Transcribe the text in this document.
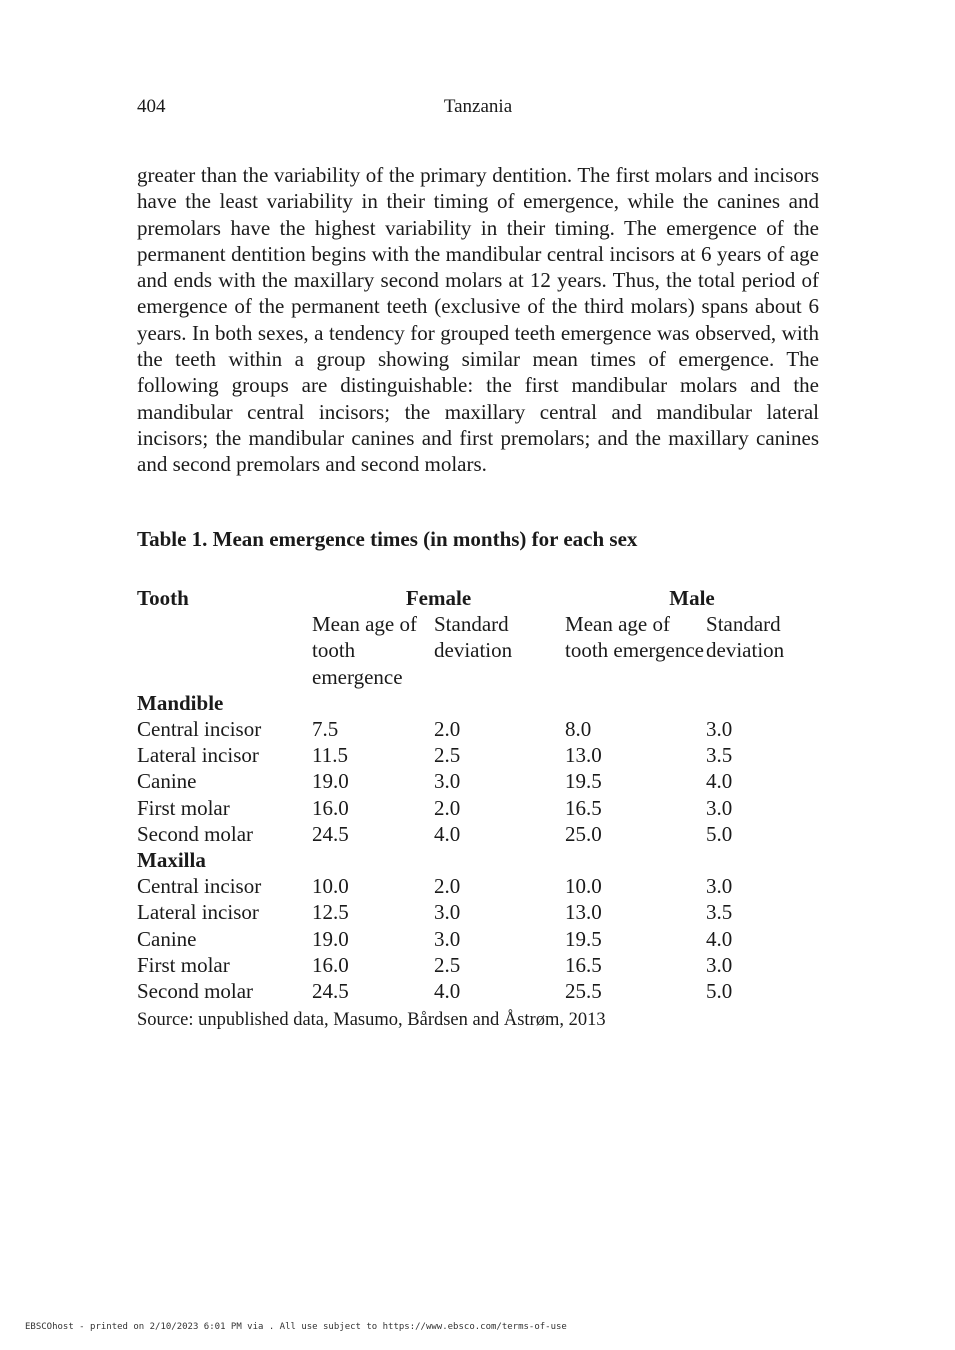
404	Tanzania

greater than the variability of the primary dentition. The first molars and incisors have the least variability in their timing of emergence, while the canines and premolars have the highest variability in their timing. The emergence of the permanent dentition begins with the mandibular central incisors at 6 years of age and ends with the maxillary second molars at 12 years. Thus, the total period of emergence of the permanent teeth (exclusive of the third molars) spans about 6 years. In both sexes, a tendency for grouped teeth emergence was observed, with the teeth within a group showing similar mean times of emergence. The following groups are distinguishable: the first mandibular molars and the mandibular central incisors; the maxillary central and mandibular lateral incisors; the mandibular canines and first premolars; and the maxillary canines and second premolars and second molars.

Table 1. Mean emergence times (in months) for each sex

Tooth	Female		Male	
	Mean age of tooth emergence	Standard deviation	Mean age of tooth emergence	Standard deviation
Mandible				
Central incisor	7.5	2.0	8.0	3.0
Lateral incisor	11.5	2.5	13.0	3.5
Canine	19.0	3.0	19.5	4.0
First molar	16.0	2.0	16.5	3.0
Second molar	24.5	4.0	25.0	5.0
Maxilla				
Central incisor	10.0	2.0	10.0	3.0
Lateral incisor	12.5	3.0	13.0	3.5
Canine	19.0	3.0	19.5	4.0
First molar	16.0	2.5	16.5	3.0
Second molar	24.5	4.0	25.5	5.0

Source: unpublished data, Masumo, Bårdsen and Åstrøm, 2013

EBSCOhost - printed on 2/10/2023 6:01 PM via . All use subject to https://www.ebsco.com/terms-of-use
